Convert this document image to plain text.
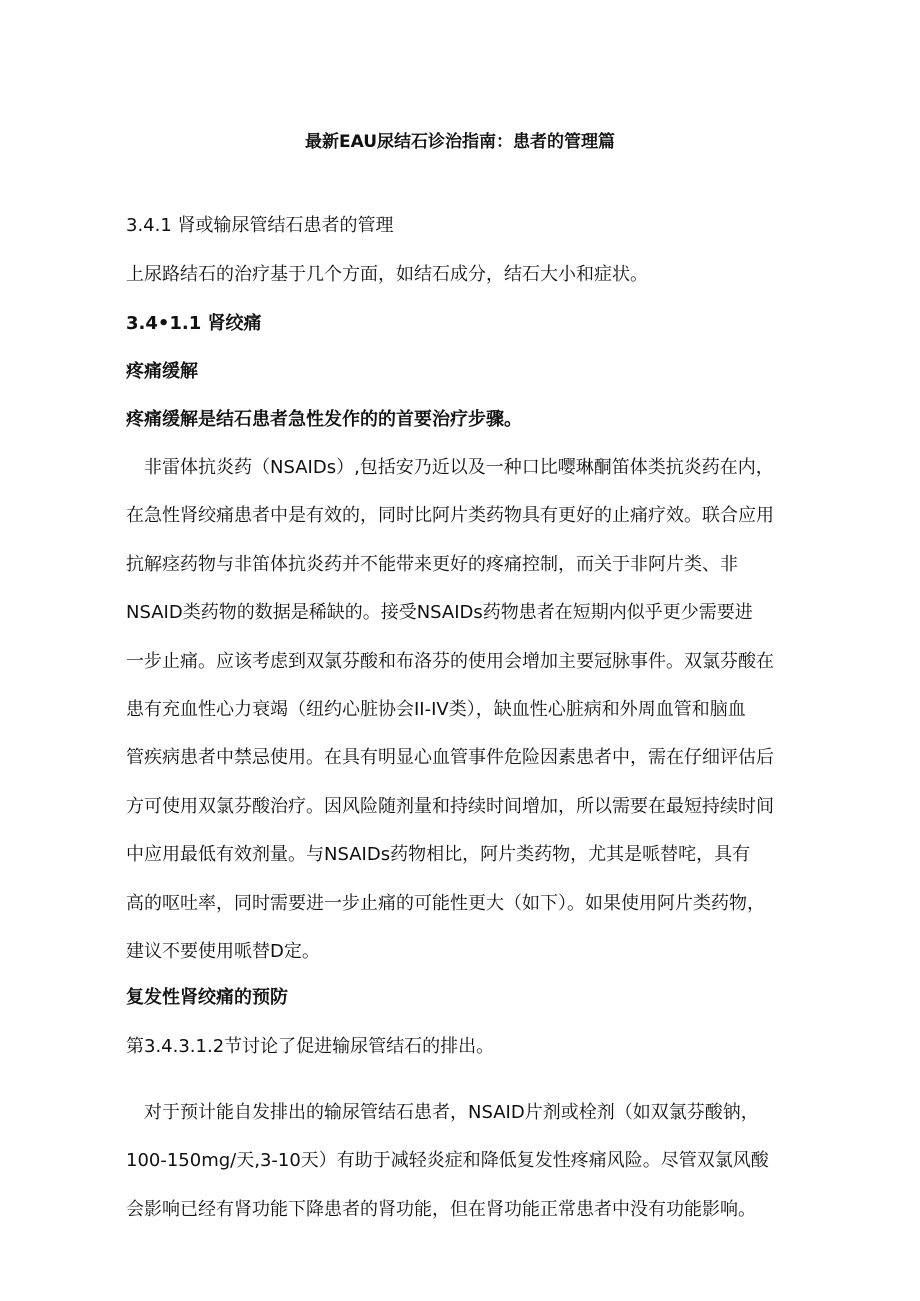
最新EAU尿结石诊治指南：患者的管理篇
3.4.1 肾或输尿管结石患者的管理
上尿路结石的治疗基于几个方面，如结石成分，结石大小和症状。
3.4•1.1 肾绞痛
疼痛缓解
疼痛缓解是结石患者急性发作的的首要治疗步骤。
　非雷体抗炎药（NSAIDs）,包括安乃近以及一种口比嘤琳酮笛体类抗炎药在内，
在急性肾绞痛患者中是有效的，同时比阿片类药物具有更好的止痛疗效。联合应用
抗解痉药物与非笛体抗炎药并不能带来更好的疼痛控制，而关于非阿片类、非
NSAID类药物的数据是稀缺的。接受NSAIDs药物患者在短期内似乎更少需要进
一步止痛。应该考虑到双氯芬酸和布洛芬的使用会增加主要冠脉事件。双氯芬酸在
患有充血性心力衰竭（纽约心脏协会II-IV类），缺血性心脏病和外周血管和脑血
管疾病患者中禁忌使用。在具有明显心血管事件危险因素患者中，需在仔细评估后
方可使用双氯芬酸治疗。因风险随剂量和持续时间增加，所以需要在最短持续时间
中应用最低有效剂量。与NSAIDs药物相比，阿片类药物，尤其是哌替咤，具有
高的呕吐率，同时需要进一步止痛的可能性更大（如下）。如果使用阿片类药物，
建议不要使用哌替D定。
复发性肾绞痛的预防
第3.4.3.1.2节讨论了促进输尿管结石的排出。
　对于预计能自发排出的输尿管结石患者，NSAID片剂或栓剂（如双氯芬酸钠，
100-150mg/天,3-10天）有助于减轻炎症和降低复发性疼痛风险。尽管双氯风酸
会影响已经有肾功能下降患者的肾功能，但在肾功能正常患者中没有功能影响。
